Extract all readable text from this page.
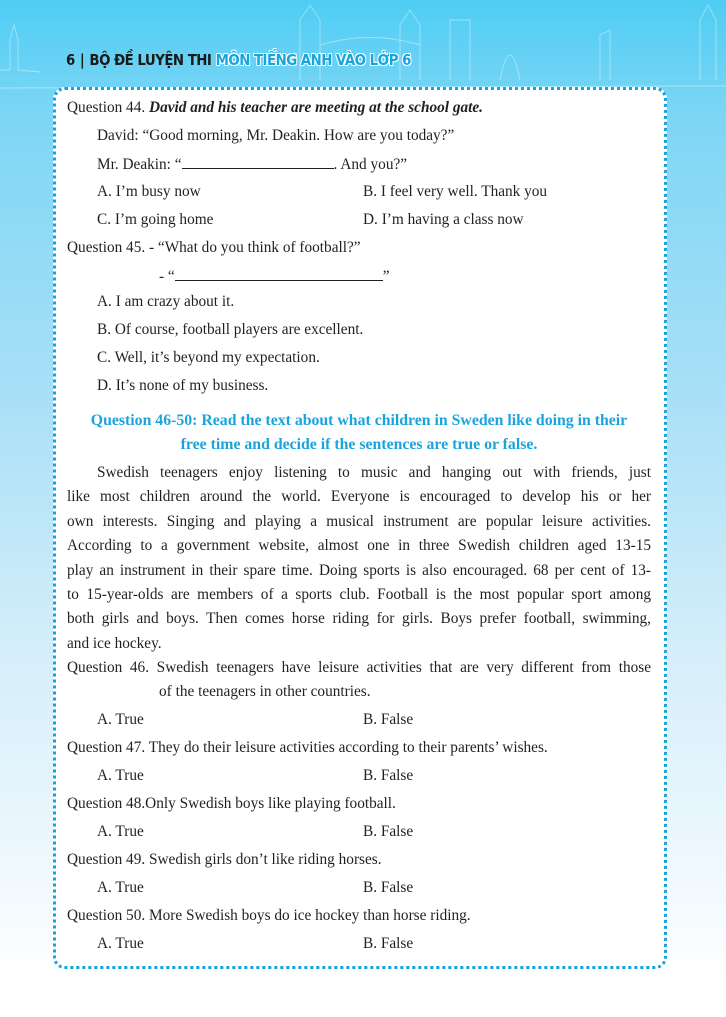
6 | BỘ ĐỀ LUYỆN THI MÔN TIẾNG ANH VÀO LỚP 6
Question 44. David and his teacher are meeting at the school gate.
David: “Good morning, Mr. Deakin. How are you today?”
Mr. Deakin: “	. And you?”
A. I’m busy now	B. I feel very well. Thank you
C. I’m going home	D. I’m having a class now
Question 45. - “What do you think of football?”
- “	”
A. I am crazy about it.
B. Of course, football players are excellent.
C. Well, it’s beyond my expectation.
D. It’s none of my business.
Question 46-50: Read the text about what children in Sweden like doing in their
free time and decide if the sentences are true or false.
Swedish teenagers enjoy listening to music and hanging out with friends, just
like most children around the world. Everyone is encouraged to develop his or her
own interests. Singing and playing a musical instrument are popular leisure activities.
According to a government website, almost one in three Swedish children aged 13-15
play an instrument in their spare time. Doing sports is also encouraged. 68 per cent of 13-
to 15-year-olds are members of a sports club. Football is the most popular sport among
both girls and boys. Then comes horse riding for girls. Boys prefer football, swimming,
and ice hockey.
Question 46. Swedish teenagers have leisure activities that are very different from those
of the teenagers in other countries.
A. True	B. False
Question 47. They do their leisure activities according to their parents’ wishes.
A. True	B. False
Question 48.Only Swedish boys like playing football.
A. True	B. False
Question 49. Swedish girls don’t like riding horses.
A. True	B. False
Question 50. More Swedish boys do ice hockey than horse riding.
A. True	B. False
